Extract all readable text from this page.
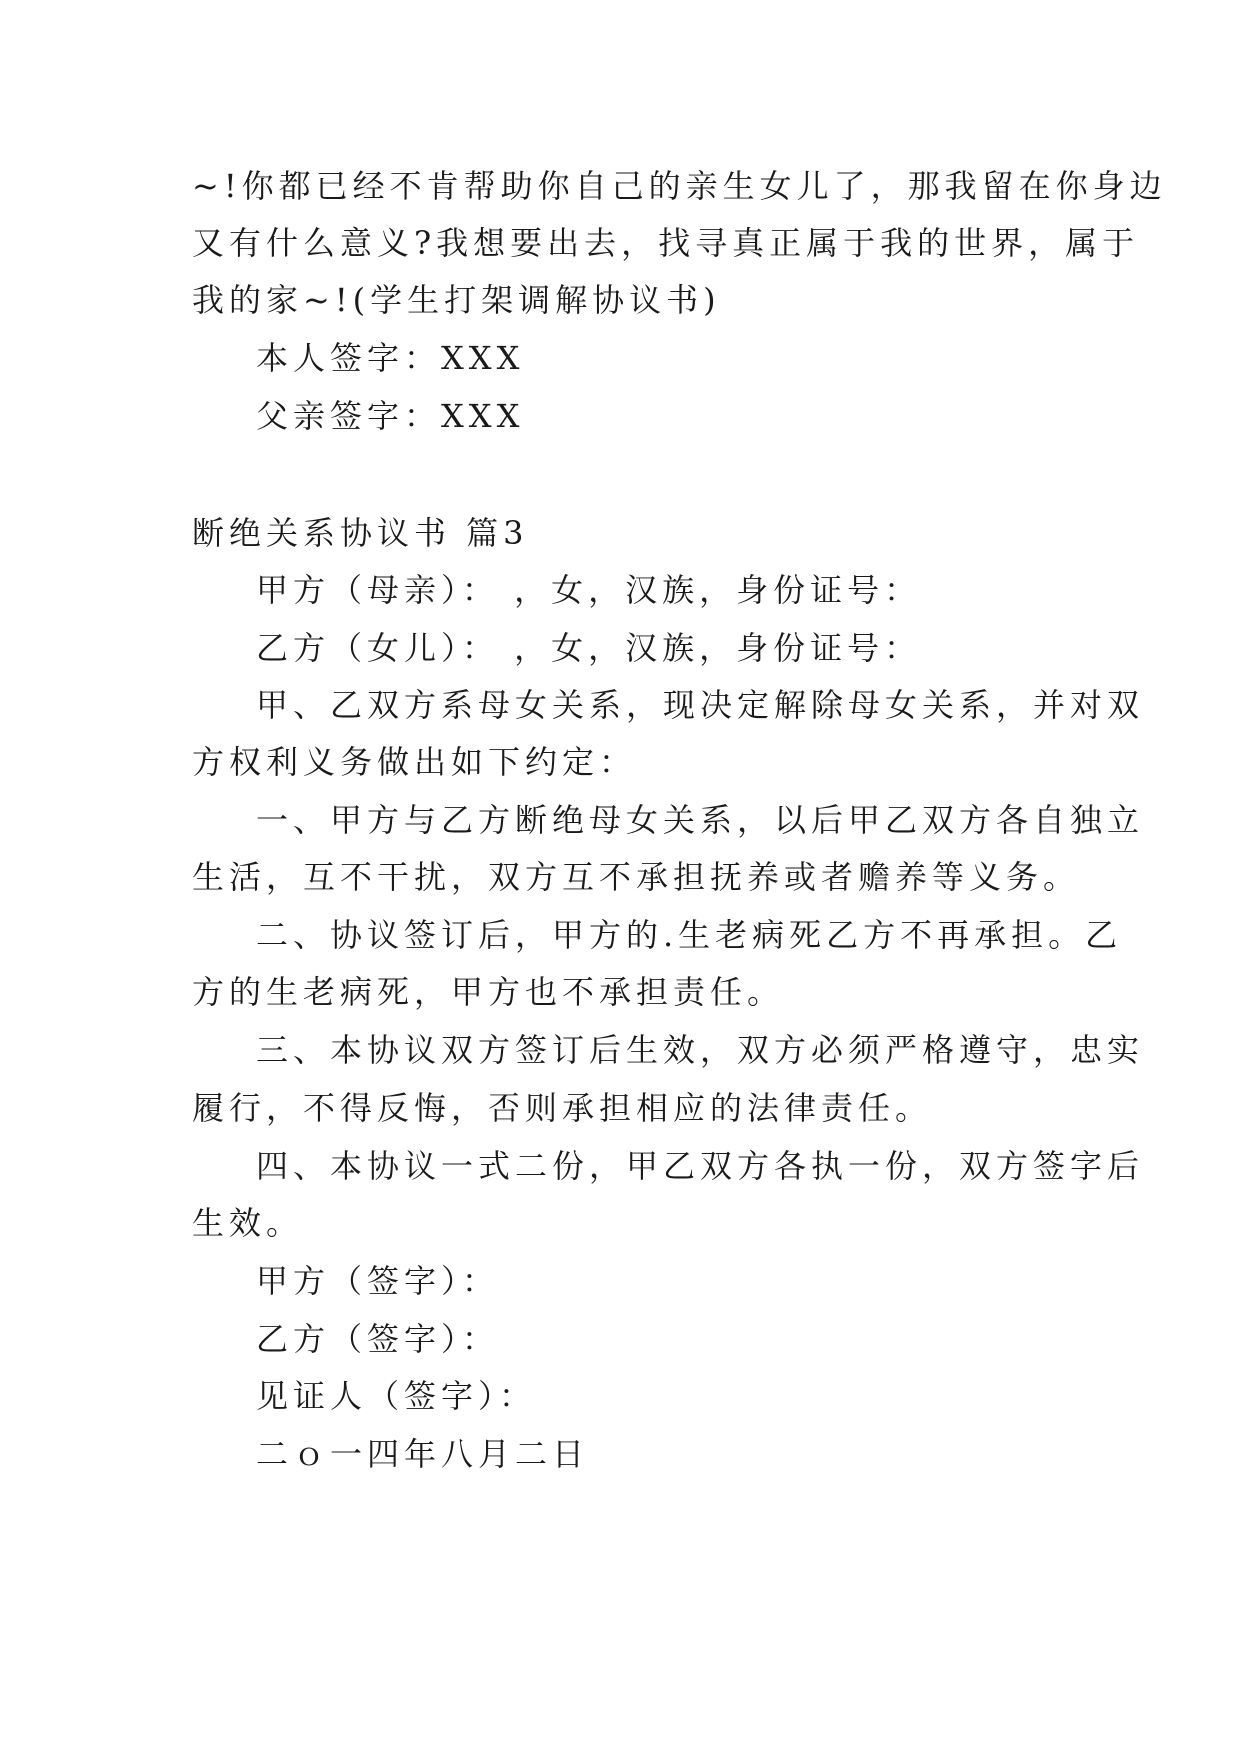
~!你都已经不肯帮助你自己的亲生女儿了，那我留在你身边
又有什么意义?我想要出去，找寻真正属于我的世界，属于
我的家~!(学生打架调解协议书)
本人签字：XXX
父亲签字：XXX
断绝关系协议书 篇3
甲方（母亲）： ，女，汉族，身份证号：
乙方（女儿）： ，女，汉族，身份证号：
甲、乙双方系母女关系，现决定解除母女关系，并对双
方权利义务做出如下约定：
一、甲方与乙方断绝母女关系，以后甲乙双方各自独立
生活，互不干扰，双方互不承担抚养或者赡养等义务。
二、协议签订后，甲方的.生老病死乙方不再承担。乙
方的生老病死，甲方也不承担责任。
三、本协议双方签订后生效，双方必须严格遵守，忠实
履行，不得反悔，否则承担相应的法律责任。
四、本协议一式二份，甲乙双方各执一份，双方签字后
生效。
甲方（签字）：
乙方（签字）：
见证人（签字）：
二ｏ一四年八月二日
